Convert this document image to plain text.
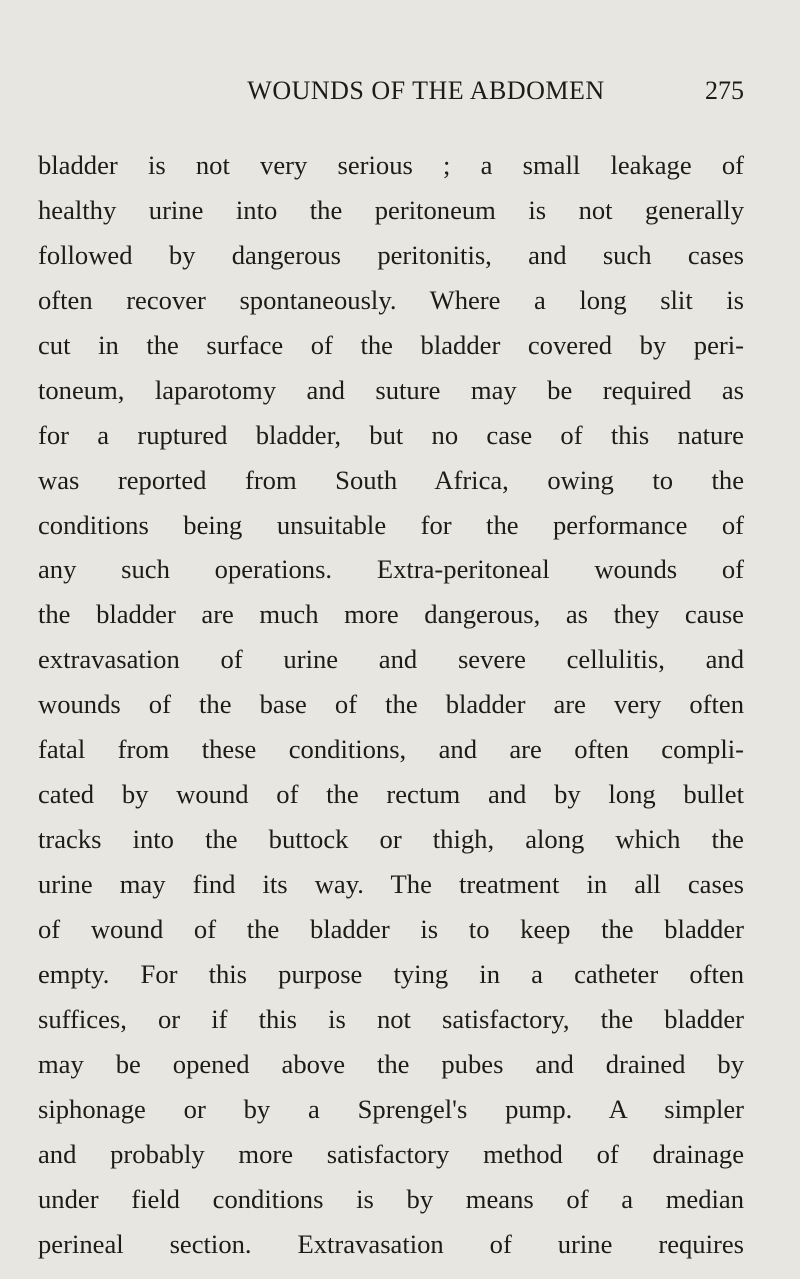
WOUNDS OF THE ABDOMEN	275
bladder is not very serious ; a small leakage of
healthy urine into the peritoneum is not generally
followed by dangerous peritonitis, and such cases
often recover spontaneously. Where a long slit is
cut in the surface of the bladder covered by peri-
toneum, laparotomy and suture may be required as
for a ruptured bladder, but no case of this nature
was reported from South Africa, owing to the
conditions being unsuitable for the performance of
any such operations. Extra-peritoneal wounds of
the bladder are much more dangerous, as they cause
extravasation of urine and severe cellulitis, and
wounds of the base of the bladder are very often
fatal from these conditions, and are often compli-
cated by wound of the rectum and by long bullet
tracks into the buttock or thigh, along which the
urine may find its way. The treatment in all cases
of wound of the bladder is to keep the bladder
empty. For this purpose tying in a catheter often
suffices, or if this is not satisfactory, the bladder
may be opened above the pubes and drained by
siphonage or by a Sprengel's pump. A simpler
and probably more satisfactory method of drainage
under field conditions is by means of a median
perineal section. Extravasation of urine requires
